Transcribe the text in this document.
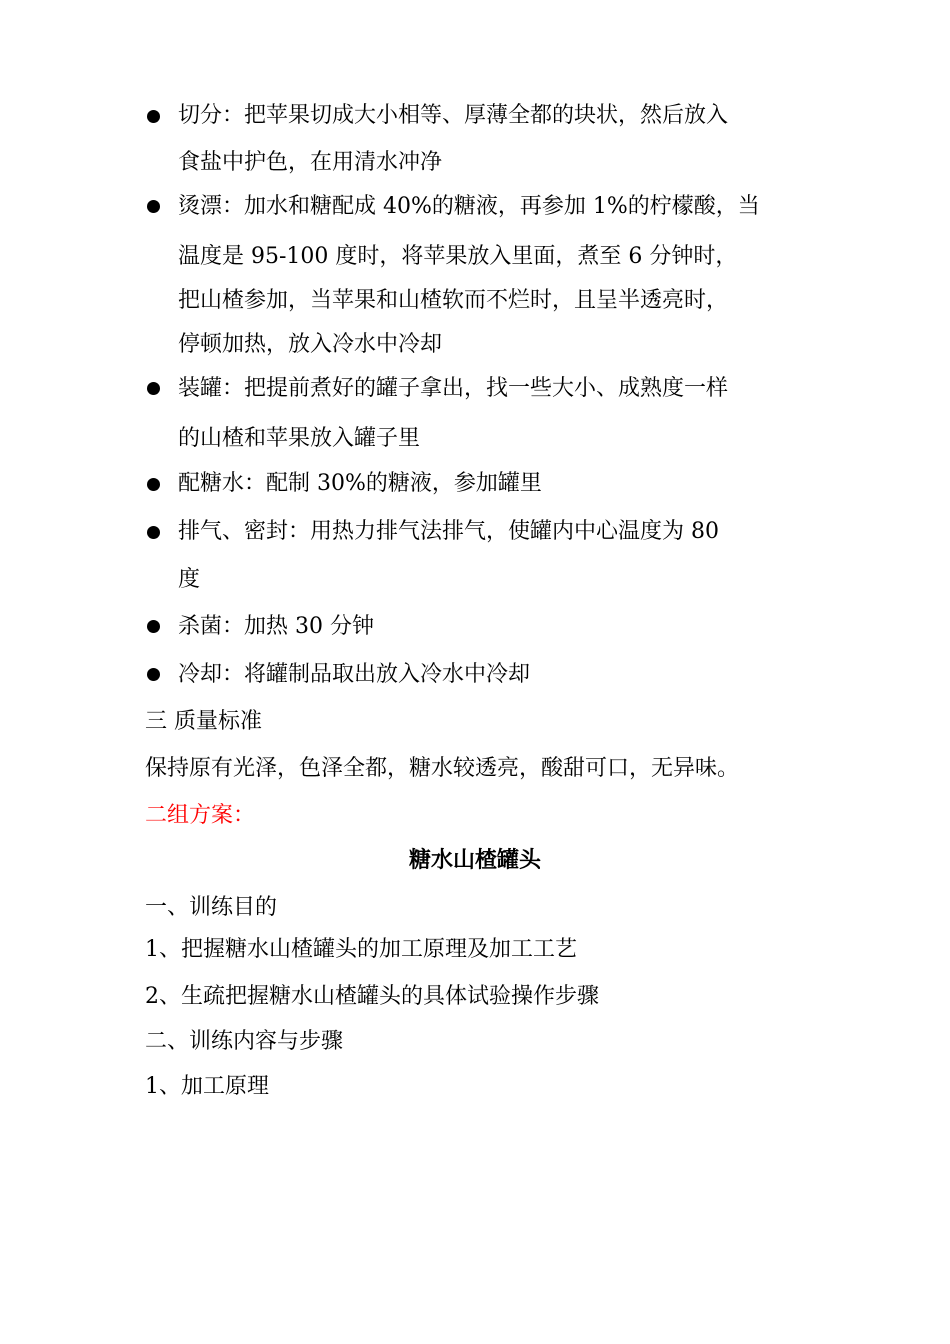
切分：把苹果切成大小相等、厚薄全都的块状，然后放入
食盐中护色，在用清水冲净
烫漂：加水和糖配成 40%的糖液，再参加 1%的柠檬酸，当
温度是 95-100 度时，将苹果放入里面，煮至 6 分钟时，
把山楂参加，当苹果和山楂软而不烂时，且呈半透亮时，
停顿加热，放入冷水中冷却
装罐：把提前煮好的罐子拿出，找一些大小、成熟度一样
的山楂和苹果放入罐子里
配糖水：配制 30%的糖液，参加罐里
排气、密封：用热力排气法排气，使罐内中心温度为 80
度
杀菌：加热 30 分钟
冷却：将罐制品取出放入冷水中冷却
三 质量标准
保持原有光泽，色泽全都，糖水较透亮，酸甜可口，无异味。
二组方案：
糖水山楂罐头
一、训练目的
1、把握糖水山楂罐头的加工原理及加工工艺
2、生疏把握糖水山楂罐头的具体试验操作步骤
二、训练内容与步骤
1、加工原理
